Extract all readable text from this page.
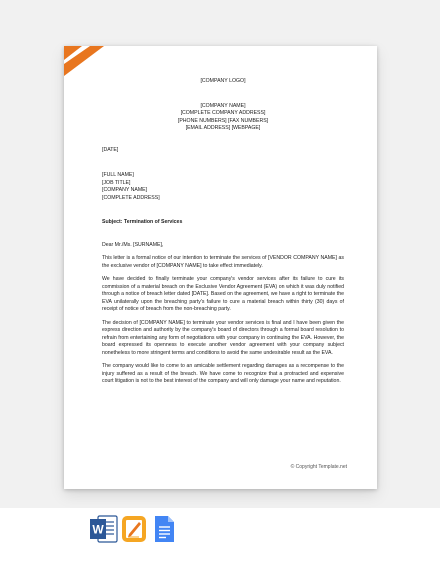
[COMPANY LOGO]

[COMPANY NAME]
[COMPLETE COMPANY ADDRESS]
[PHONE NUMBERS] [FAX NUMBERS]
[EMAIL ADDRESS] [WEBPAGE]

[DATE]

[FULL NAME]
[JOB TITLE]
[COMPANY NAME]
[COMPLETE ADDRESS]

Subject: Termination of Services

Dear Mr./Ms. [SURNAME],

This letter is a formal notice of our intention to terminate the services of [VENDOR COMPANY NAME] as the exclusive vendor of [COMPANY NAME] to take effect immediately.

We have decided to finally terminate your company's vendor services after its failure to cure its commission of a material breach on the Exclusive Vendor Agreement (EVA) on which it was duly notified through a notice of breach letter dated [DATE]. Based on the agreement, we have a right to terminate the EVA unilaterally upon the breaching party's failure to cure a material breach within thirty (30) days of receipt of notice of breach from the non-breaching party.

The decision of [COMPANY NAME] to terminate your vendor services is final and I have been given the express direction and authority by the company's board of directors through a formal board resolution to refrain from entertaining any form of negotiations with your company in continuing the EVA. However, the board expressed its openness to execute another vendor agreement with your company subject nonetheless to more stringent terms and conditions to avoid the same undesirable result as the EVA.

The company would like to come to an amicable settlement regarding damages as a recompense to the injury suffered as a result of the breach. We have come to recognize that a protracted and expensive court litigation is not to the best interest of the company and will only damage your name and reputation.

© Copyright Template.net
W
